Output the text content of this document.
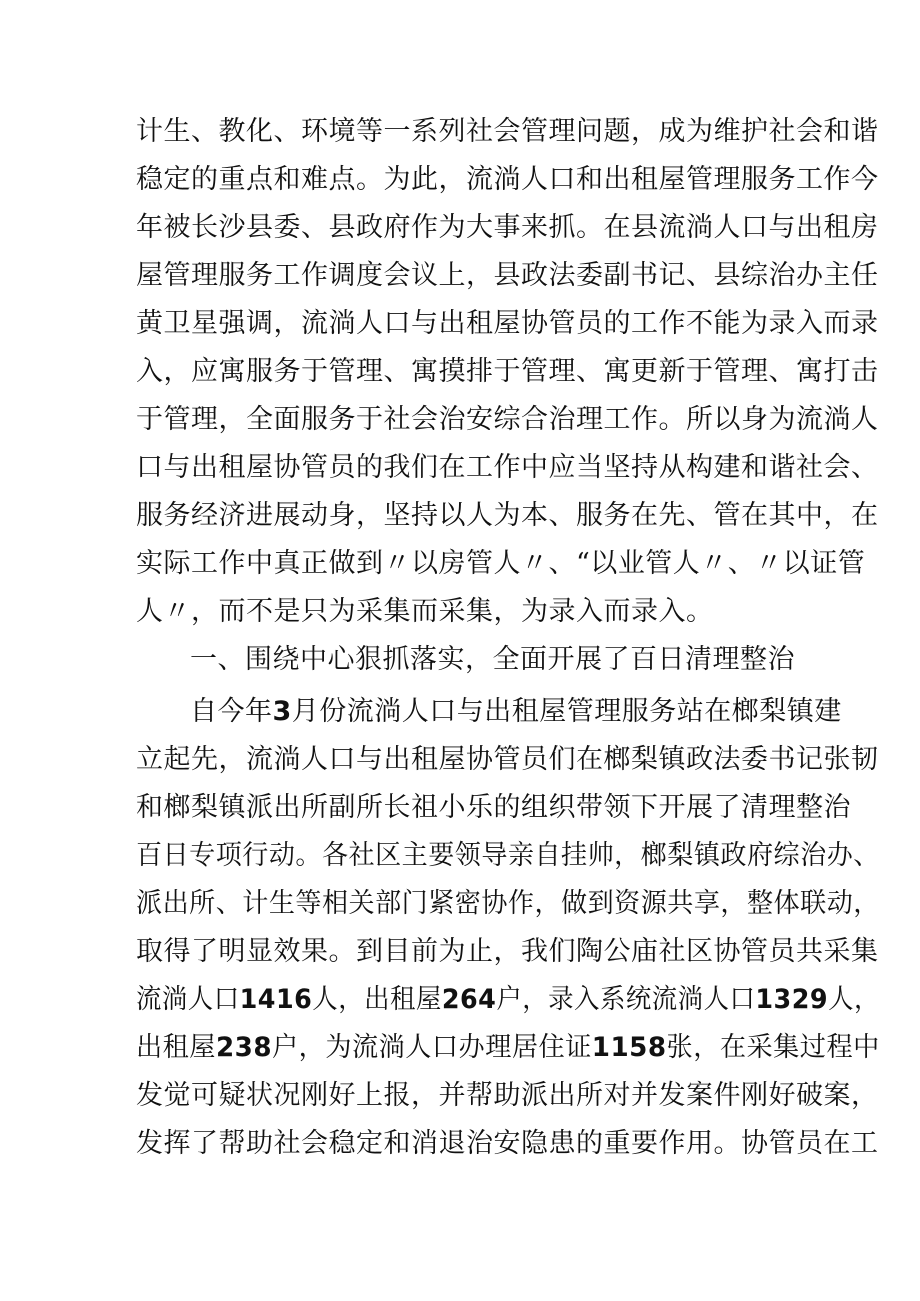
计生、教化、环境等一系列社会管理问题，成为维护社会和谐
稳定的重点和难点。为此，流淌人口和出租屋管理服务工作今
年被长沙县委、县政府作为大事来抓。在县流淌人口与出租房
屋管理服务工作调度会议上，县政法委副书记、县综治办主任
黄卫星强调，流淌人口与出租屋协管员的工作不能为录入而录
入，应寓服务于管理、寓摸排于管理、寓更新于管理、寓打击
于管理，全面服务于社会治安综合治理工作。所以身为流淌人
口与出租屋协管员的我们在工作中应当坚持从构建和谐社会、
服务经济进展动身，坚持以人为本、服务在先、管在其中，在
实际工作中真正做到〃以房管人〃、“以业管人〃、〃以证管
人〃，而不是只为采集而采集，为录入而录入。
一、围绕中心狠抓落实，全面开展了百日清理整治
自今年3月份流淌人口与出租屋管理服务站在榔梨镇建
立起先，流淌人口与出租屋协管员们在榔梨镇政法委书记张韧
和榔梨镇派出所副所长祖小乐的组织带领下开展了清理整治
百日专项行动。各社区主要领导亲自挂帅，榔梨镇政府综治办、
派出所、计生等相关部门紧密协作，做到资源共享，整体联动，
取得了明显效果。到目前为止，我们陶公庙社区协管员共采集
流淌人口1416人，出租屋264户，录入系统流淌人口1329人，
出租屋238户，为流淌人口办理居住证1158张，在采集过程中
发觉可疑状况刚好上报，并帮助派出所对并发案件刚好破案，
发挥了帮助社会稳定和消退治安隐患的重要作用。协管员在工
